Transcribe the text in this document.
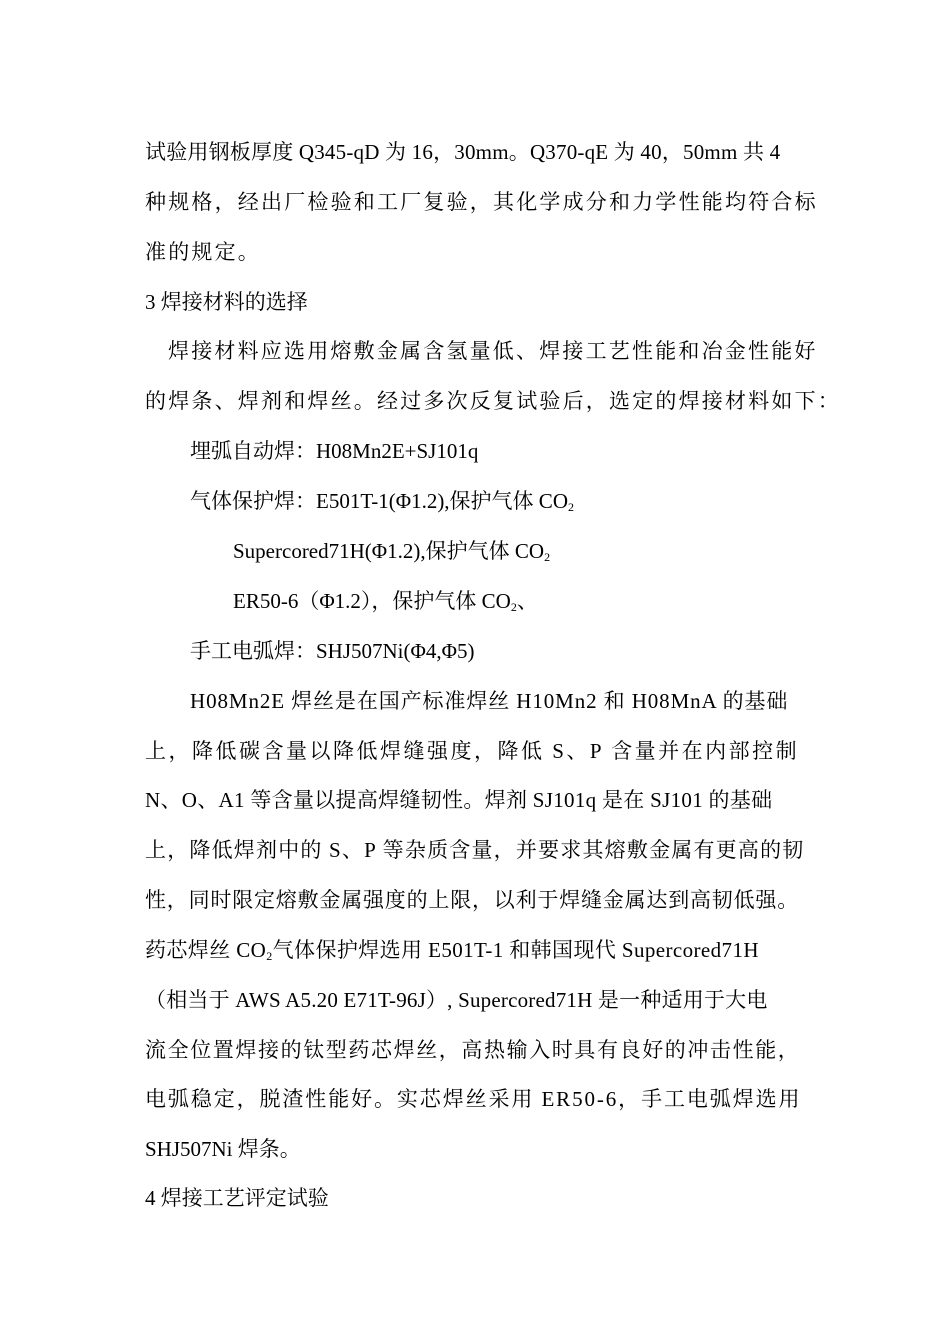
试验用钢板厚度 Q345-qD 为 16，30mm。Q370-qE 为 40，50mm 共 4
种规格，经出厂检验和工厂复验，其化学成分和力学性能均符合标
准的规定。
3 焊接材料的选择
焊接材料应选用熔敷金属含氢量低、焊接工艺性能和冶金性能好
的焊条、焊剂和焊丝。经过多次反复试验后，选定的焊接材料如下：
埋弧自动焊：H08Mn2E+SJ101q
气体保护焊：E501T-1(Φ1.2),保护气体 $CO_2$
Supercored71H(Φ1.2),保护气体 $CO_2$
ER50-6（Φ1.2），保护气体 $CO_2$、
手工电弧焊：SHJ507Ni(Φ4,Φ5)
H08Mn2E 焊丝是在国产标准焊丝 H10Mn2 和 H08MnA 的基础
上，降低碳含量以降低焊缝强度，降低 S、P 含量并在内部控制
N、O、A1 等含量以提高焊缝韧性。焊剂 SJ101q 是在 SJ101 的基础
上，降低焊剂中的 S、P 等杂质含量，并要求其熔敷金属有更高的韧
性，同时限定熔敷金属强度的上限，以利于焊缝金属达到高韧低强。
药芯焊丝 $CO_2$气体保护焊选用 E501T-1 和韩国现代 Supercored71H
（相当于 AWS A5.20 E71T-96J）, Supercored71H 是一种适用于大电
流全位置焊接的钛型药芯焊丝，高热输入时具有良好的冲击性能，
电弧稳定，脱渣性能好。实芯焊丝采用 ER50-6，手工电弧焊选用
SHJ507Ni 焊条。
4 焊接工艺评定试验
